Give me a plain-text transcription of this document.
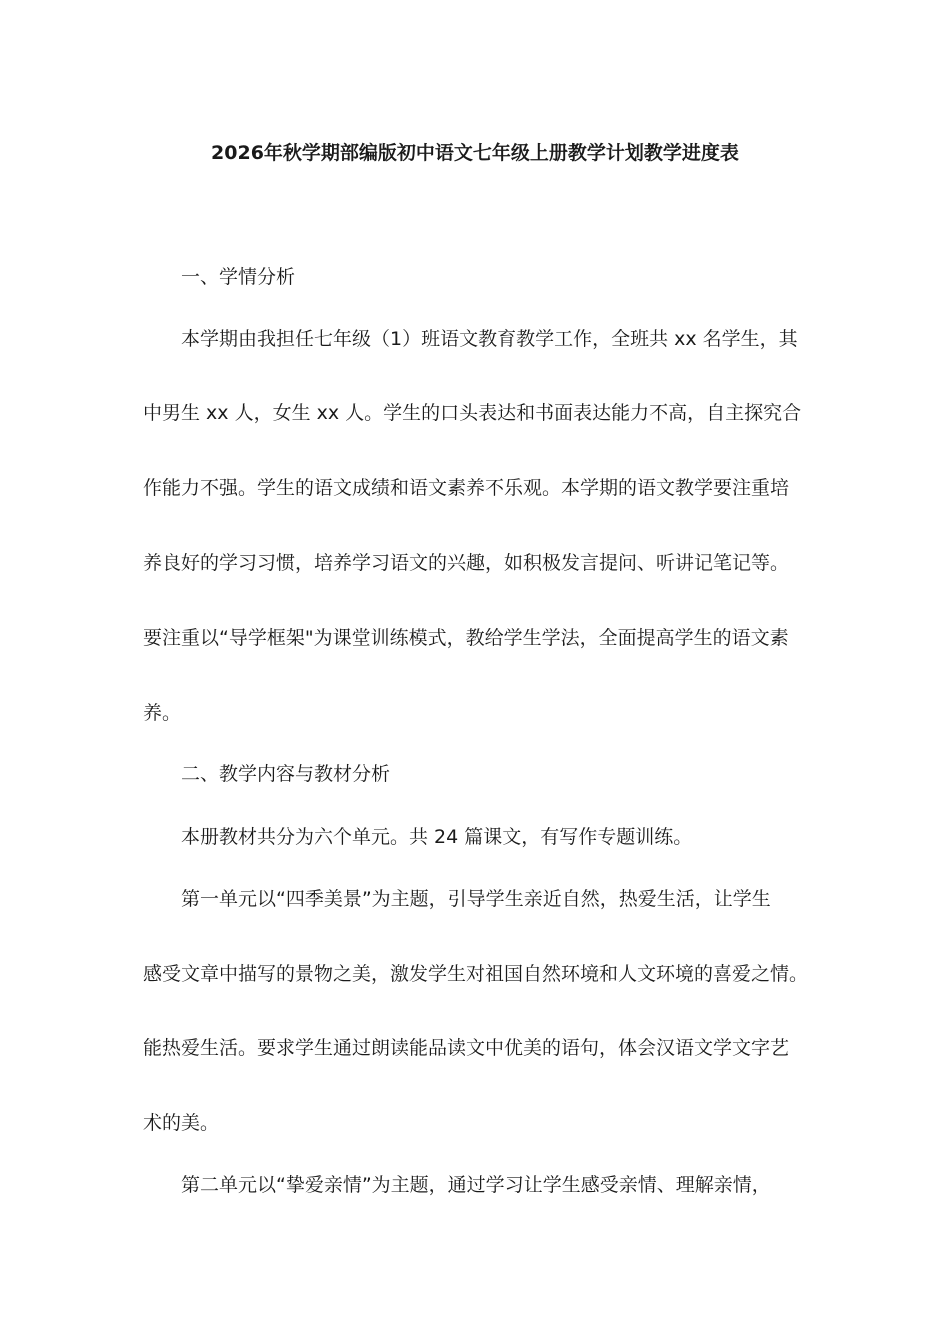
2026年秋学期部编版初中语文七年级上册教学计划教学进度表

一、学情分析

本学期由我担任七年级（1）班语文教育教学工作，全班共 xx 名学生，其

中男生 xx 人，女生 xx 人。学生的口头表达和书面表达能力不高，自主探究合

作能力不强。学生的语文成绩和语文素养不乐观。本学期的语文教学要注重培

养良好的学习习惯，培养学习语文的兴趣，如积极发言提问、听讲记笔记等。

要注重以“导学框架"为课堂训练模式，教给学生学法，全面提高学生的语文素

养。

二、教学内容与教材分析

本册教材共分为六个单元。共 24 篇课文，有写作专题训练。

第一单元以“四季美景”为主题，引导学生亲近自然，热爱生活，让学生

感受文章中描写的景物之美，激发学生对祖国自然环境和人文环境的喜爱之情。

能热爱生活。要求学生通过朗读能品读文中优美的语句，体会汉语文学文字艺

术的美。

第二单元以“挚爱亲情”为主题，通过学习让学生感受亲情、理解亲情，
